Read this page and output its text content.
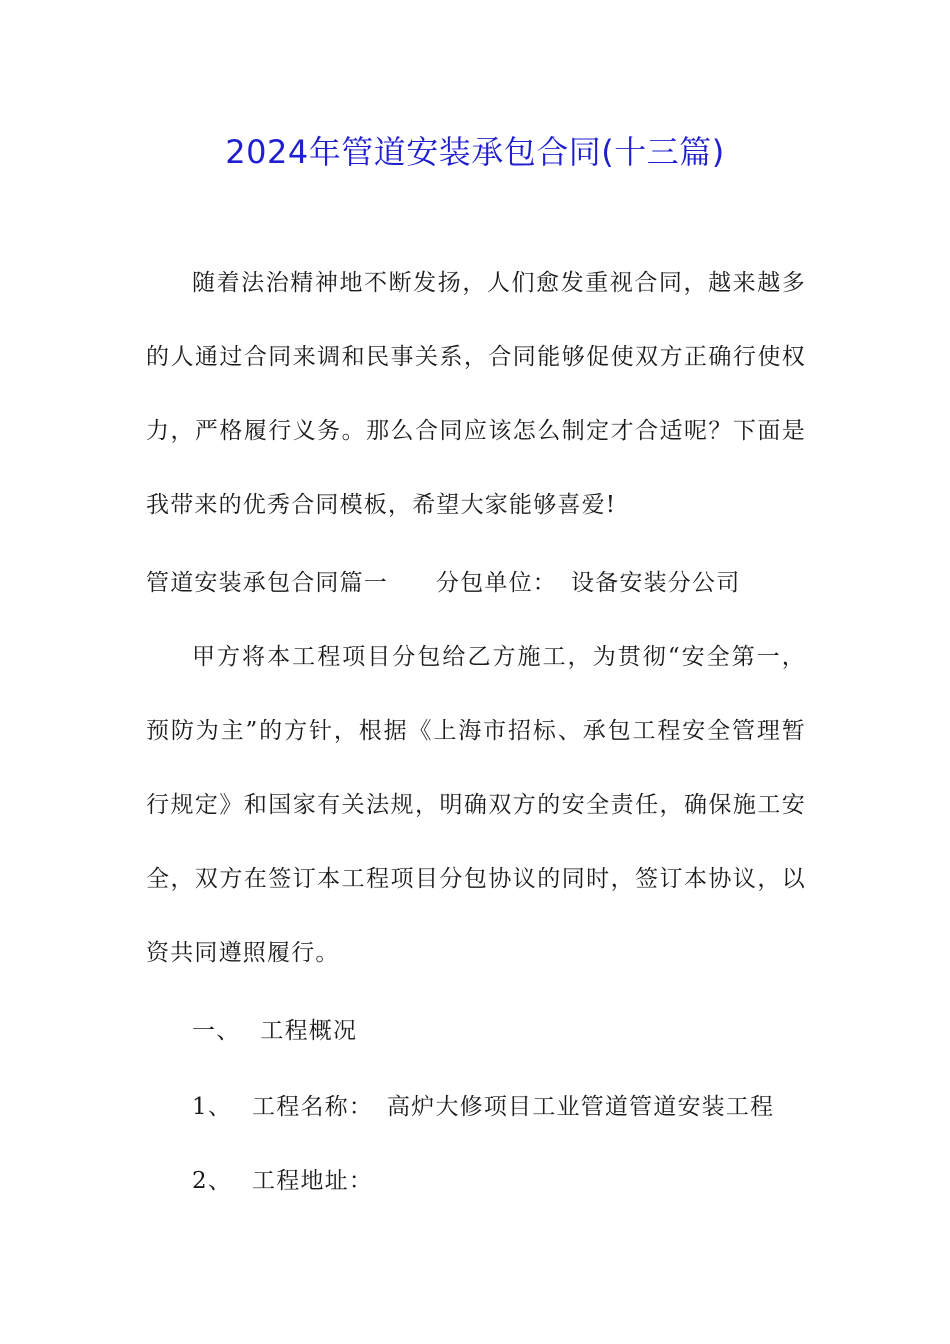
2024年管道安装承包合同(十三篇)

随着法治精神地不断发扬，人们愈发重视合同，越来越多的人通过合同来调和民事关系，合同能够促使双方正确行使权力，严格履行义务。那么合同应该怎么制定才合适呢？下面是我带来的优秀合同模板，希望大家能够喜爱!

管道安装承包合同篇一 分包单位： 设备安装分公司

甲方将本工程项目分包给乙方施工，为贯彻“安全第一，预防为主”的方针，根据《上海市招标、承包工程安全管理暂行规定》和国家有关法规，明确双方的安全责任，确保施工安全，双方在签订本工程项目分包协议的同时，签订本协议，以资共同遵照履行。

一、 工程概况
1、 工程名称： 高炉大修项目工业管道管道安装工程
2、 工程地址：
